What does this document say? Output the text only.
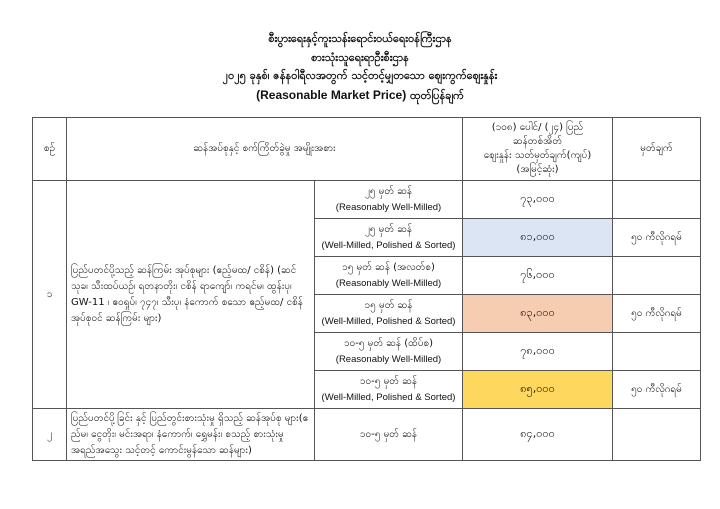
စီးပွားရေးနှင့်ကူးသန်းရောင်းဝယ်ရေးဝန်ကြီးဌာန
စားသုံးသူရေးရာဦးစီးဌာန
၂၀၂၅ ခုနှစ်၊ ဇန်နဝါရီလအတွက် သင့်တင့်မျှတသော ဈေးကွက်ဈေးနှုန်း
(Reasonable Market Price) ထုတ်ပြန်ချက်
စဉ်	ဆန်အပ်စုနှင့် စက်ကြိတ်ခွဲမှု အမျိုးအစား		(၁၀၈) ပေါင်/ (၂၄) ပြည်
ဆန်တစ်အိတ်
ဈေးနှုန်း သတ်မှတ်ချက်(ကျပ်)
(အမြင့်ဆုံး)	မှတ်ချက်
၁	ပြည်ပတင်ပို့သည့် ဆန်ကြမ်း အုပ်စုများ (ဧည့်မထ/ ငစိန်) (ဆင်သုခ၊ သီးထပ်ယဉ်၊ ရတနာတိုး၊ ငစိန် ရာကျော်၊ ကရင်မ၊ ထွန်းပု၊ GW-11 ၊ ဧဝရှုပ်၊ ၇၄၇၊ သီးပု၊ နံကောက် စသော ဧည့်မထ/ ငစိန် အုပ်စုဝင် ဆန်ကြမ်း များ)	၂၅ မှတ် ဆန်
(Reasonably Well-Milled)	၇၃,၀၀၀	
		၂၅ မှတ် ဆန်
(Well-Milled, Polished & Sorted)	၈၁,၀၀၀	၅၀ ကီလိုဂရမ်
		၁၅ မှတ် ဆန် (အလတ်စ)
(Reasonably Well-Milled)	၇၆,၀၀၀	
		၁၅ မှတ် ဆန်
(Well-Milled, Polished & Sorted)	၈၃,၀၀၀	၅၀ ကီလိုဂရမ်
		၁၀-၅ မှတ် ဆန် (ထိပ်စ)
(Reasonably Well-Milled)	၇၈,၀၀၀	
		၁၀-၅ မှတ် ဆန်
(Well-Milled, Polished & Sorted)	၈၅,၀၀၀	၅၀ ကီလိုဂရမ်
၂	ပြည်ပတင်ပို့ခြင်း နှင့် ပြည်တွင်းစားသုံးမှု ရှိသည့် ဆန်အုပ်စု များ(ဧည်မ၊ ငွေတိုး၊ မင်းအရာ၊ နံကောက်၊ ရွှေမန်း၊ စသည့် စားသုံးမှု အရည်အသွေး သင့်တင့် ကောင်းမွန်သော ဆန်များ)	၁၀-၅ မှတ် ဆန်	၈၄,၀၀၀	
